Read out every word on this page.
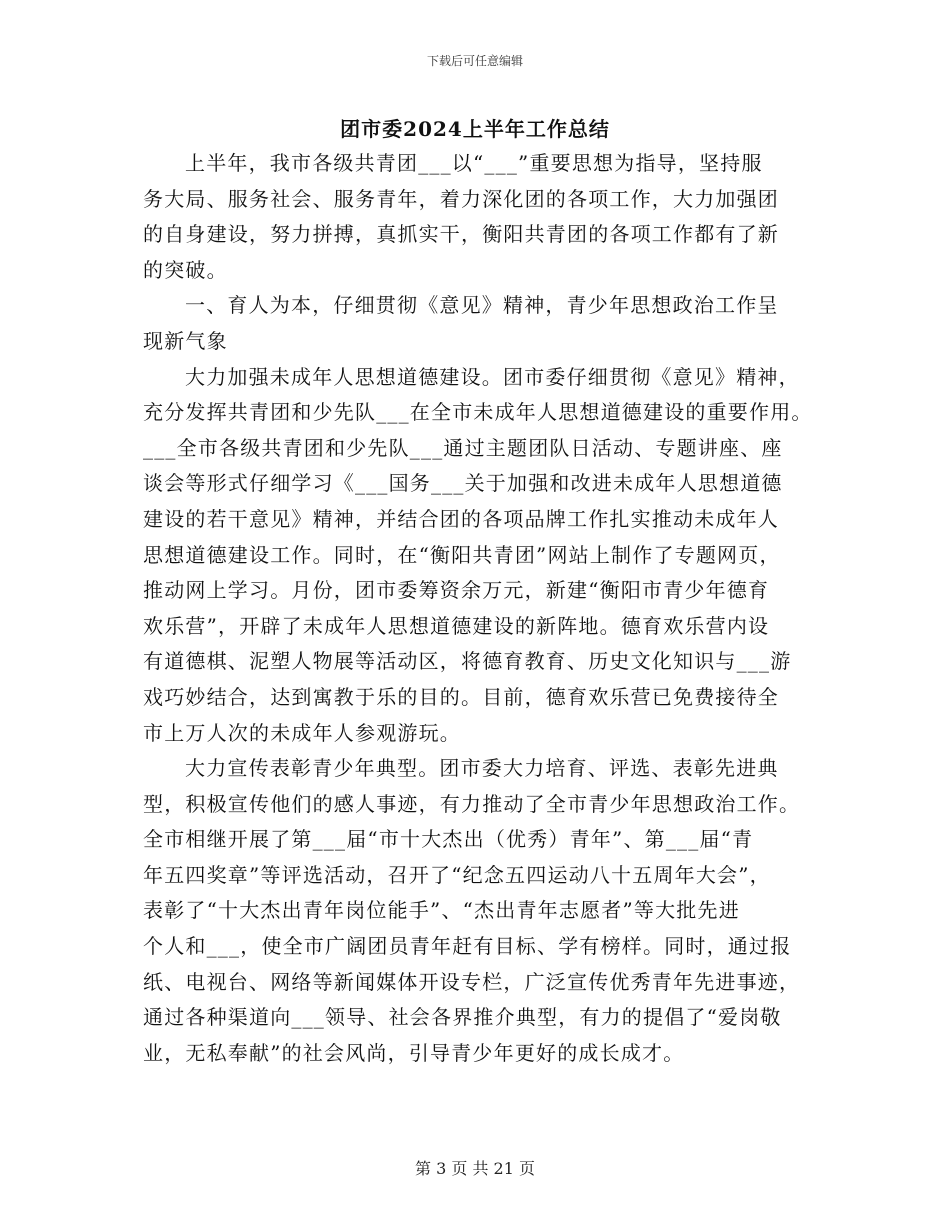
下载后可任意编辑
团市委2024上半年工作总结
上半年，我市各级共青团___以“___”重要思想为指导，坚持服
务大局、服务社会、服务青年，着力深化团的各项工作，大力加强团
的自身建设，努力拼搏，真抓实干，衡阳共青团的各项工作都有了新
的突破。
一、育人为本，仔细贯彻《意见》精神，青少年思想政治工作呈
现新气象
大力加强未成年人思想道德建设。团市委仔细贯彻《意见》精神，
充分发挥共青团和少先队___在全市未成年人思想道德建设的重要作用。
___全市各级共青团和少先队___通过主题团队日活动、专题讲座、座
谈会等形式仔细学习《___国务___关于加强和改进未成年人思想道德
建设的若干意见》精神，并结合团的各项品牌工作扎实推动未成年人
思想道德建设工作。同时，在“衡阳共青团”网站上制作了专题网页，
推动网上学习。月份，团市委筹资余万元，新建“衡阳市青少年德育
欢乐营”，开辟了未成年人思想道德建设的新阵地。德育欢乐营内设
有道德棋、泥塑人物展等活动区，将德育教育、历史文化知识与___游
戏巧妙结合，达到寓教于乐的目的。目前，德育欢乐营已免费接待全
市上万人次的未成年人参观游玩。
大力宣传表彰青少年典型。团市委大力培育、评选、表彰先进典
型，积极宣传他们的感人事迹，有力推动了全市青少年思想政治工作。
全市相继开展了第___届“市十大杰出（优秀）青年”、第___届“青
年五四奖章”等评选活动，召开了“纪念五四运动八十五周年大会”，
表彰了“十大杰出青年岗位能手”、“杰出青年志愿者”等大批先进
个人和___，使全市广阔团员青年赶有目标、学有榜样。同时，通过报
纸、电视台、网络等新闻媒体开设专栏，广泛宣传优秀青年先进事迹，
通过各种渠道向___领导、社会各界推介典型，有力的提倡了“爱岗敬
业，无私奉献”的社会风尚，引导青少年更好的成长成才。
第 3 页 共 21 页
